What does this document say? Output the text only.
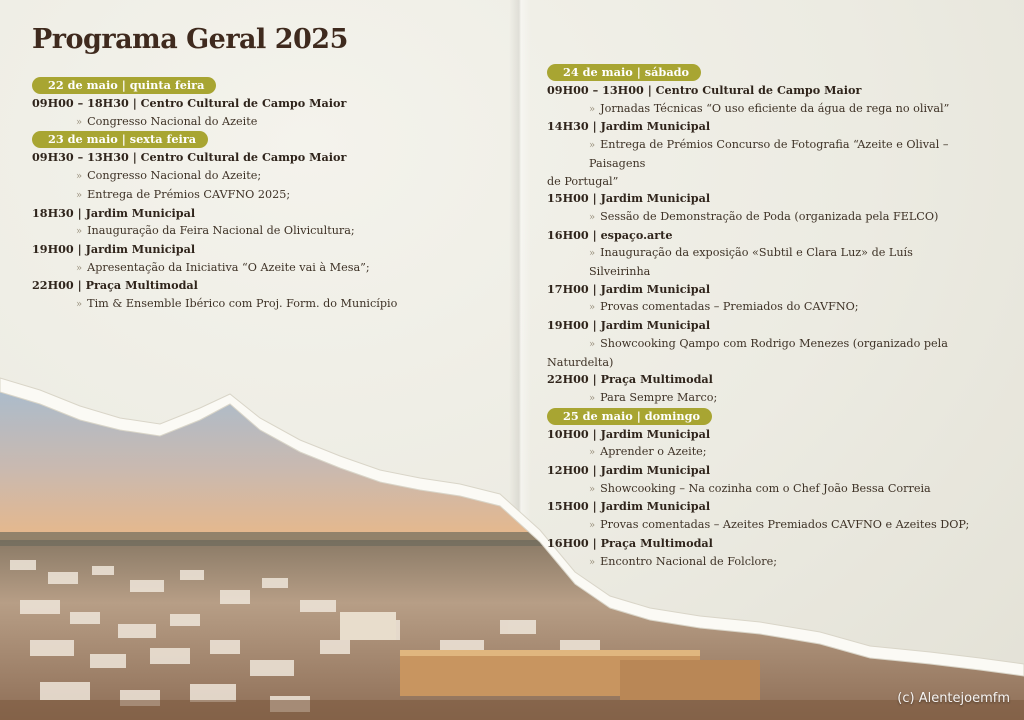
Programa Geral 2025
22 de maio | quinta feira
09H00 – 18H30 | Centro Cultural de Campo Maior
» Congresso Nacional do Azeite
23 de maio | sexta feira
09H30 – 13H30 | Centro Cultural de Campo Maior
» Congresso Nacional do Azeite;
» Entrega de Prémios CAVFNO 2025;
18H30 | Jardim Municipal
» Inauguração da Feira Nacional de Olivicultura;
19H00 | Jardim Municipal
» Apresentação da Iniciativa “O Azeite vai à Mesa”;
22H00 | Praça Multimodal
» Tim & Ensemble Ibérico com Proj. Form. do Município
24 de maio | sábado
09H00 – 13H00 | Centro Cultural de Campo Maior
» Jornadas Técnicas “O uso eficiente da água de rega no olival”
14H30 | Jardim Municipal
» Entrega de Prémios Concurso de Fotografia “Azeite e Olival – Paisagens
de Portugal”
15H00 | Jardim Municipal
» Sessão de Demonstração de Poda (organizada pela FELCO)
16H00 | espaço.arte
» Inauguração da exposição «Subtil e Clara Luz» de Luís Silveirinha
17H00 | Jardim Municipal
» Provas comentadas – Premiados do CAVFNO;
19H00 | Jardim Municipal
» Showcooking Qampo com Rodrigo Menezes (organizado pela
Naturdelta)
22H00 | Praça Multimodal
» Para Sempre Marco;
25 de maio | domingo
10H00 | Jardim Municipal
» Aprender o Azeite;
12H00 | Jardim Municipal
» Showcooking – Na cozinha com o Chef João Bessa Correia
15H00 | Jardim Municipal
» Provas comentadas – Azeites Premiados CAVFNO e Azeites DOP;
16H00 | Praça Multimodal
» Encontro Nacional de Folclore;
(c) Alentejoemfm
